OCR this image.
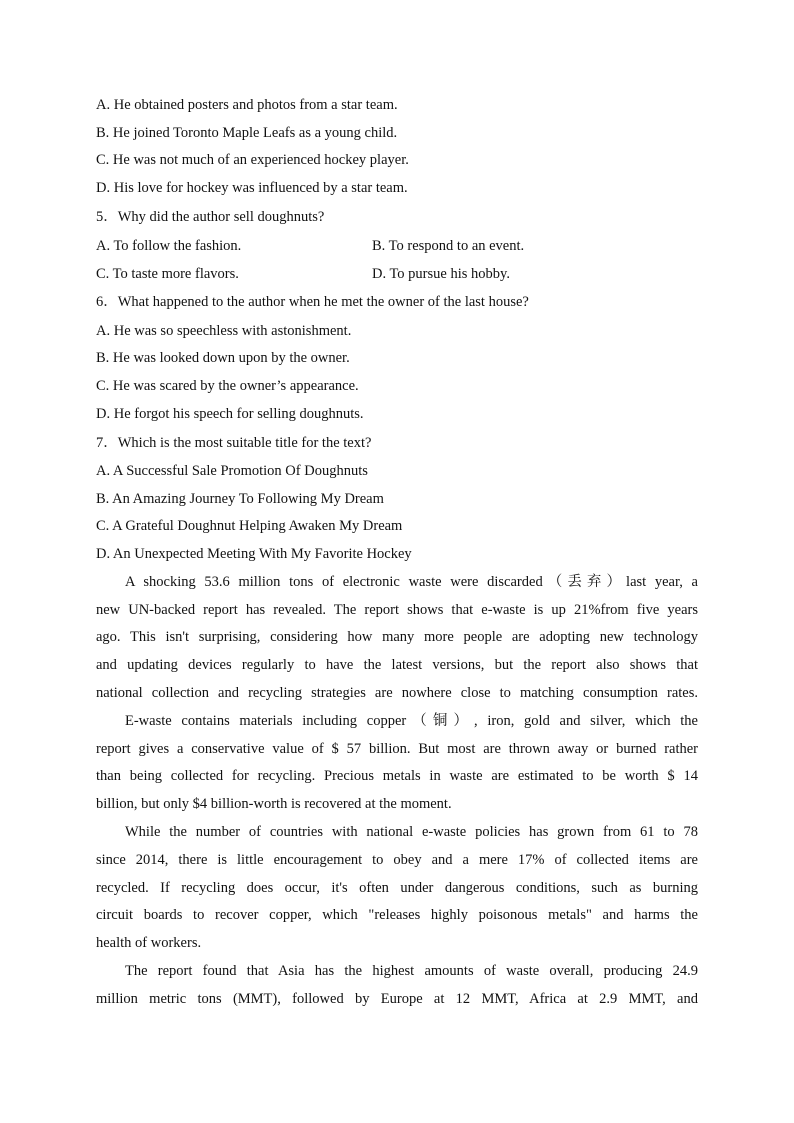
A. He obtained posters and photos from a star team.
B. He joined Toronto Maple Leafs as a young child.
C. He was not much of an experienced hockey player.
D. His love for hockey was influenced by a star team.
5．Why did the author sell doughnuts?
A. To follow the fashion.	B. To respond to an event.
C. To taste more flavors.	D. To pursue his hobby.
6．What happened to the author when he met the owner of the last house?
A. He was so speechless with astonishment.
B. He was looked down upon by the owner.
C. He was scared by the owner’s appearance.
D. He forgot his speech for selling doughnuts.
7．Which is the most suitable title for the text?
A. A Successful Sale Promotion Of Doughnuts
B. An Amazing Journey To Following My Dream
C. A Grateful Doughnut Helping Awaken My Dream
D. An Unexpected Meeting With My Favorite Hockey

A shocking 53.6 million tons of electronic waste were discarded（丢弃）last year, a
new UN-backed report has revealed. The report shows that e-waste is up 21%from five years
ago. This isn't surprising, considering how many more people are adopting new technology
and updating devices regularly to have the latest versions, but the report also shows that
national collection and recycling strategies are nowhere close to matching consumption rates.

E-waste contains materials including copper（铜）, iron, gold and silver, which the
report gives a conservative value of $ 57 billion. But most are thrown away or burned rather
than being collected for recycling. Precious metals in waste are estimated to be worth $ 14
billion, but only $4 billion-worth is recovered at the moment.

While the number of countries with national e-waste policies has grown from 61 to 78
since 2014, there is little encouragement to obey and a mere 17% of collected items are
recycled. If recycling does occur, it's often under dangerous conditions, such as burning
circuit boards to recover copper, which "releases highly poisonous metals" and harms the
health of workers.

The report found that Asia has the highest amounts of waste overall, producing 24.9
million metric tons (MMT), followed by Europe at 12 MMT, Africa at 2.9 MMT, and
